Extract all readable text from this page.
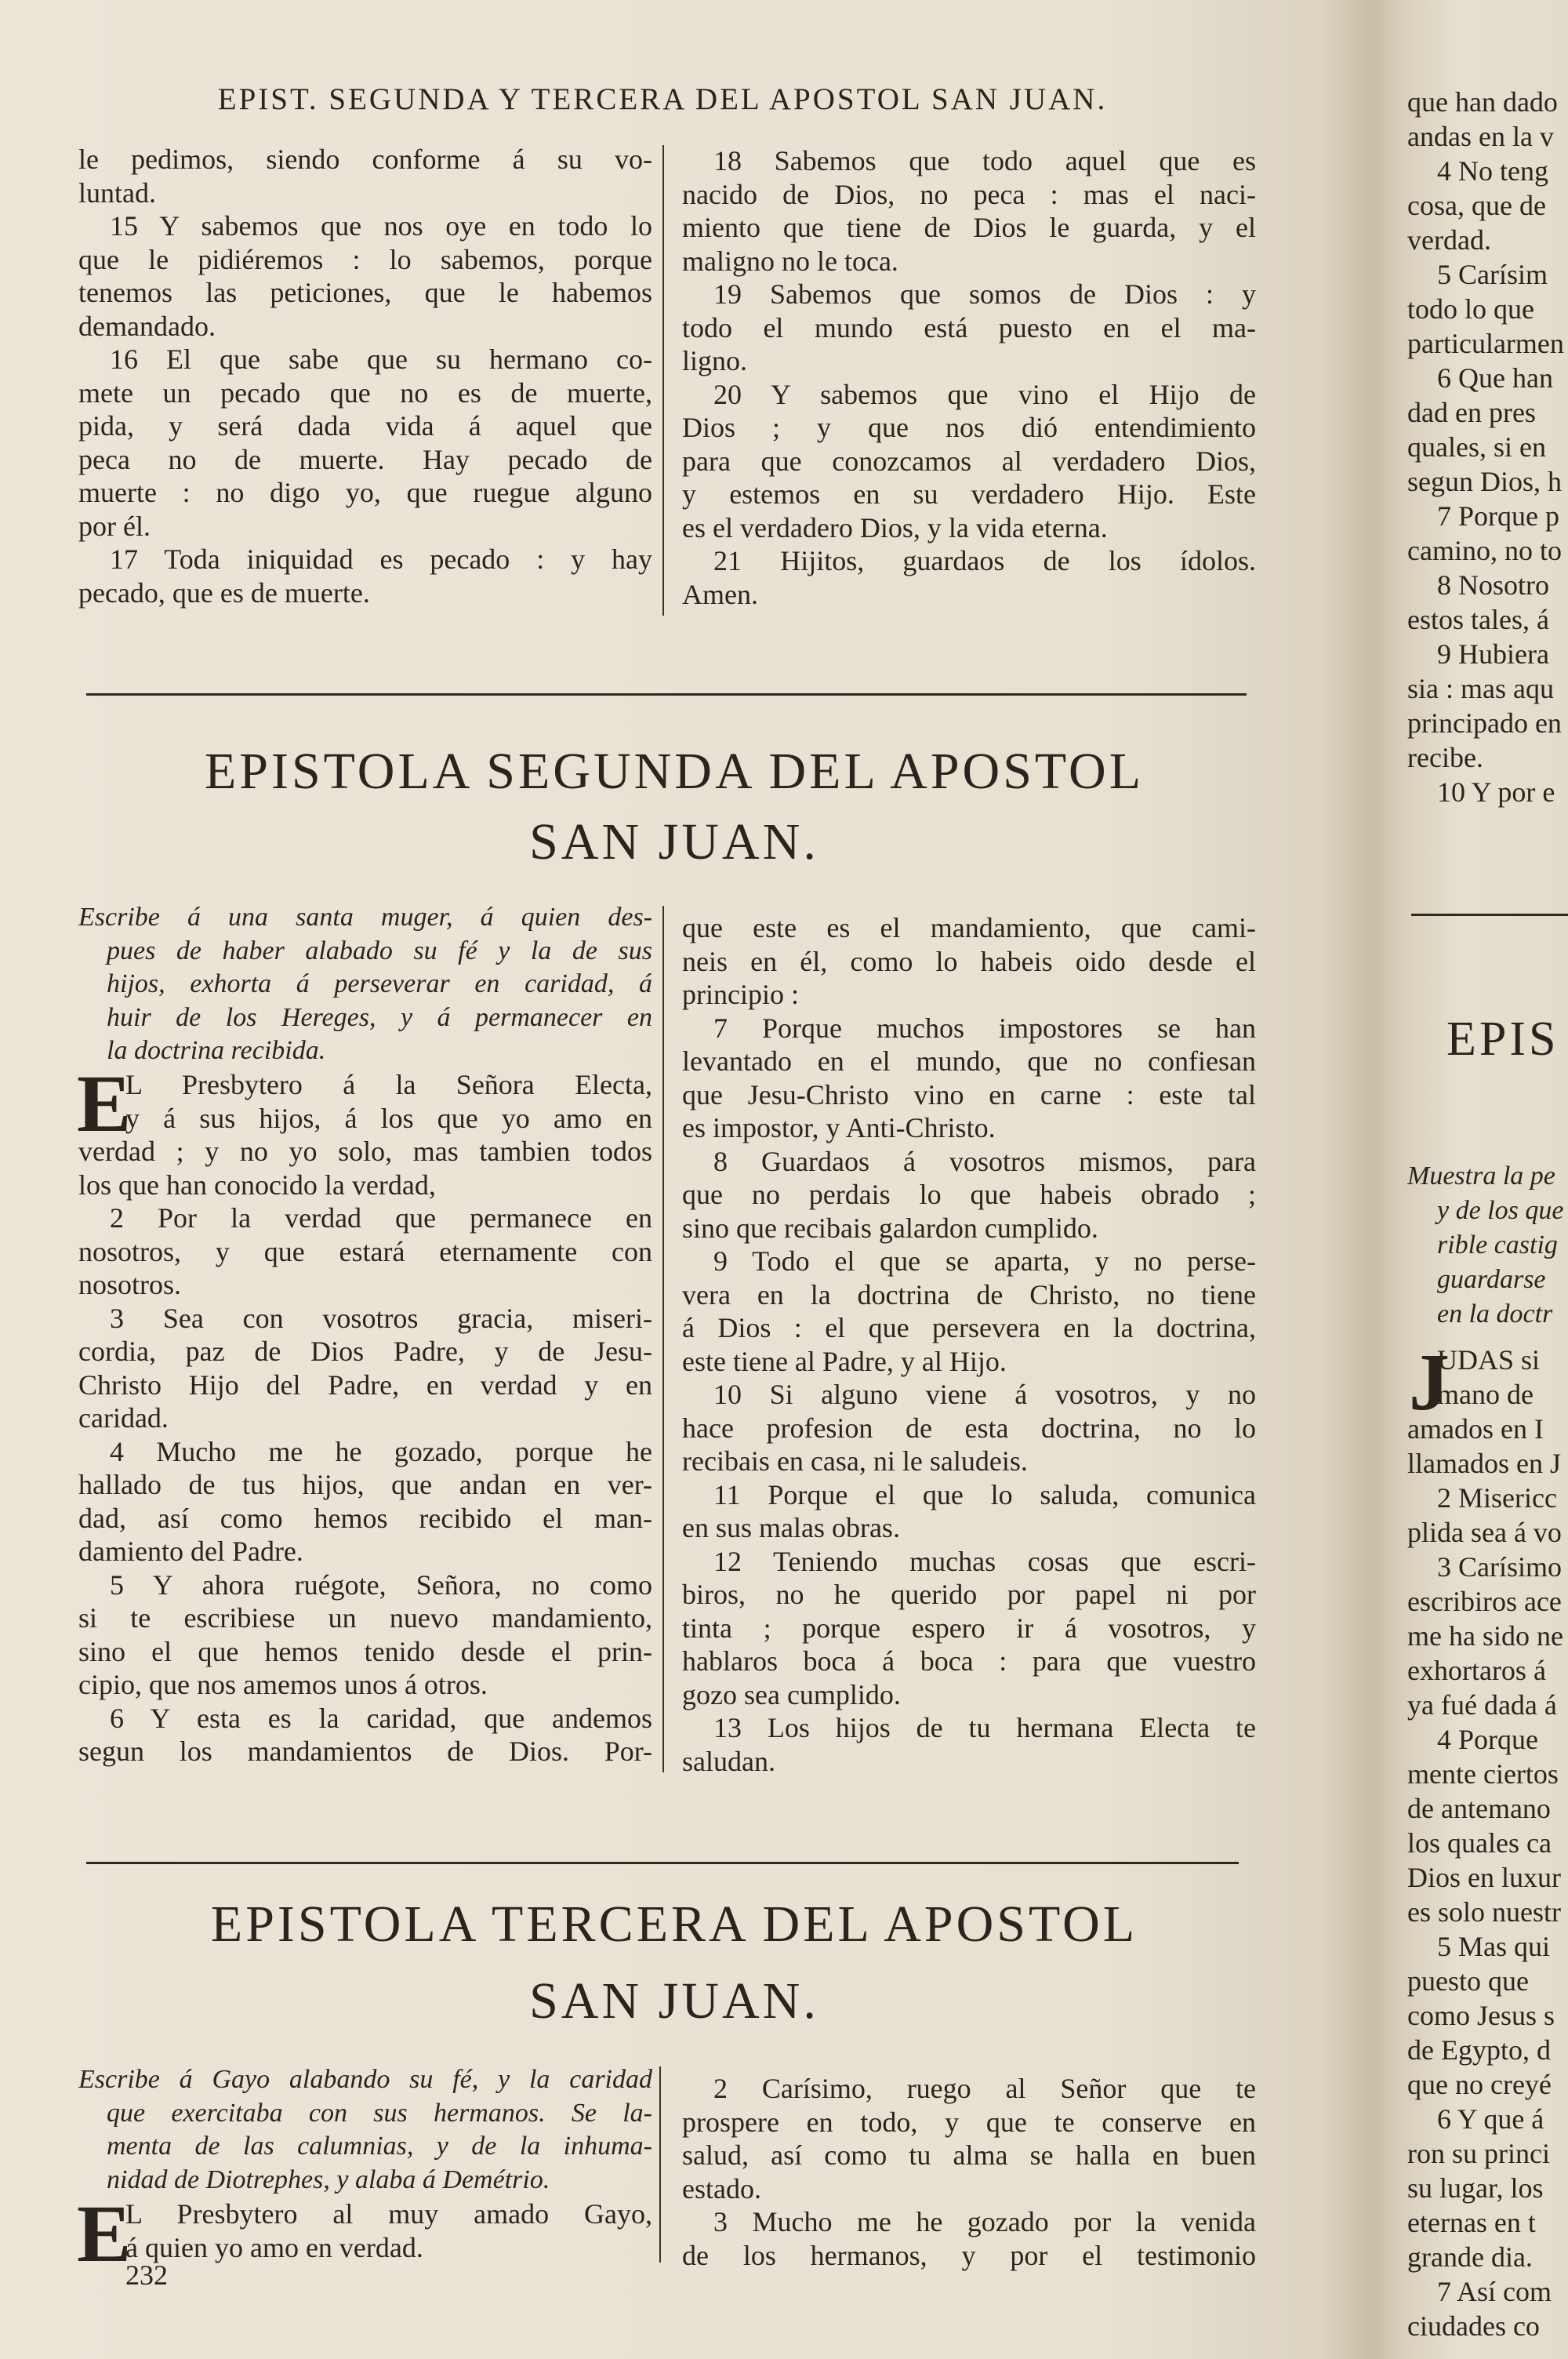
EPIST. SEGUNDA Y TERCERA DEL APOSTOL SAN JUAN.
le pedimos, siendo conforme á su vo-
luntad.
15 Y sabemos que nos oye en todo lo
que le pidiéremos : lo sabemos, porque
tenemos las peticiones, que le habemos
demandado.
16 El que sabe que su hermano co-
mete un pecado que no es de muerte,
pida, y será dada vida á aquel que
peca no de muerte. Hay pecado de
muerte : no digo yo, que ruegue alguno
por él.
17 Toda iniquidad es pecado : y hay
pecado, que es de muerte.
18 Sabemos que todo aquel que es
nacido de Dios, no peca : mas el naci-
miento que tiene de Dios le guarda, y el
maligno no le toca.
19 Sabemos que somos de Dios : y
todo el mundo está puesto en el ma-
ligno.
20 Y sabemos que vino el Hijo de
Dios ; y que nos dió entendimiento
para que conozcamos al verdadero Dios,
y estemos en su verdadero Hijo. Este
es el verdadero Dios, y la vida eterna.
21 Hijitos, guardaos de los ídolos.
Amen.
EPISTOLA SEGUNDA DEL APOSTOL
SAN JUAN.
Escribe á una santa muger, á quien des-
pues de haber alabado su fé y la de sus
hijos, exhorta á perseverar en caridad, á
huir de los Hereges, y á permanecer en
la doctrina recibida.
E
L Presbytero á la Señora Electa,
y á sus hijos, á los que yo amo en
verdad ; y no yo solo, mas tambien todos
los que han conocido la verdad,
2 Por la verdad que permanece en
nosotros, y que estará eternamente con
nosotros.
3 Sea con vosotros gracia, miseri-
cordia, paz de Dios Padre, y de Jesu-
Christo Hijo del Padre, en verdad y en
caridad.
4 Mucho me he gozado, porque he
hallado de tus hijos, que andan en ver-
dad, así como hemos recibido el man-
damiento del Padre.
5 Y ahora ruégote, Señora, no como
si te escribiese un nuevo mandamiento,
sino el que hemos tenido desde el prin-
cipio, que nos amemos unos á otros.
6 Y esta es la caridad, que andemos
segun los mandamientos de Dios. Por-
que este es el mandamiento, que cami-
neis en él, como lo habeis oido desde el
principio :
7 Porque muchos impostores se han
levantado en el mundo, que no confiesan
que Jesu-Christo vino en carne : este tal
es impostor, y Anti-Christo.
8 Guardaos á vosotros mismos, para
que no perdais lo que habeis obrado ;
sino que recibais galardon cumplido.
9 Todo el que se aparta, y no perse-
vera en la doctrina de Christo, no tiene
á Dios : el que persevera en la doctrina,
este tiene al Padre, y al Hijo.
10 Si alguno viene á vosotros, y no
hace profesion de esta doctrina, no lo
recibais en casa, ni le saludeis.
11 Porque el que lo saluda, comunica
en sus malas obras.
12 Teniendo muchas cosas que escri-
biros, no he querido por papel ni por
tinta ; porque espero ir á vosotros, y
hablaros boca á boca : para que vuestro
gozo sea cumplido.
13 Los hijos de tu hermana Electa te
saludan.
EPISTOLA TERCERA DEL APOSTOL
SAN JUAN.
Escribe á Gayo alabando su fé, y la caridad
que exercitaba con sus hermanos. Se la-
menta de las calumnias, y de la inhuma-
nidad de Diotrephes, y alaba á Demétrio.
E
L Presbytero al muy amado Gayo,
á quien yo amo en verdad.
2 Carísimo, ruego al Señor que te
prospere en todo, y que te conserve en
salud, así como tu alma se halla en buen
estado.
3 Mucho me he gozado por la venida
de los hermanos, y por el testimonio
232
que han dado
andas en la v
4 No teng
cosa, que de
verdad.
5 Carísim
todo lo que
particularmen
6 Que han
dad en pres
quales, si en
segun Dios, h
7 Porque p
camino, no to
8 Nosotro
estos tales, á
9 Hubiera
sia : mas aqu
principado en
recibe.
10 Y por e
EPIS
Muestra la pe
y de los que
rible castig
guardarse
en la doctr
J
UDAS si
mano de
amados en I
llamados en J
2 Misericc
plida sea á vo
3 Carísimo
escribiros ace
me ha sido ne
exhortaros á
ya fué dada á
4 Porque
mente ciertos
de antemano
los quales ca
Dios en luxur
es solo nuestr
5 Mas qui
puesto que
como Jesus s
de Egypto, d
que no creyé
6 Y que á
ron su princi
su lugar, los
eternas en t
grande dia.
7 Así com
ciudades co
